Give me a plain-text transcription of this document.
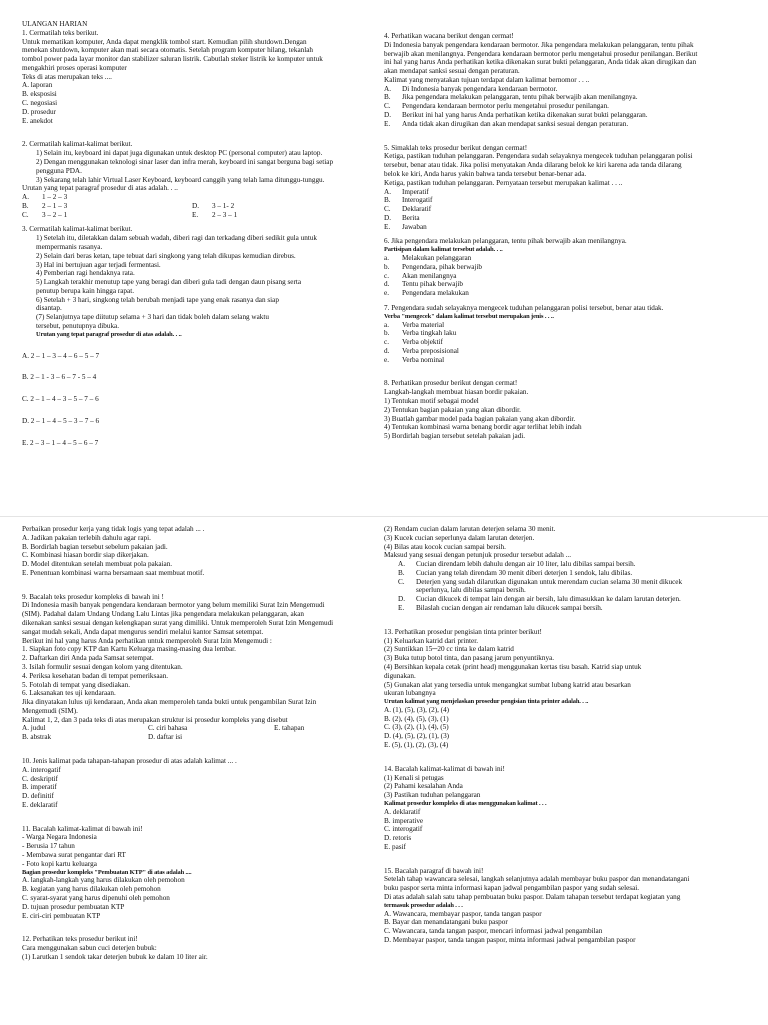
ULANGAN HARIAN
1. Cermatilah teks berikut.
Untuk mematikan komputer, Anda dapat mengklik tombol start. Kemudian pilih shutdown.Dengan
menekan shutdown, komputer akan mati secara otomatis. Setelah program komputer hilang, tekanlah
tombol power pada layar monitor dan stabilizer saluran listrik. Cabutlah steker listrik ke komputer untuk
mengakhiri proses operasi komputer
Teks di atas merupakan teks ....
A. laporan
B. eksposisi
C. negosiasi
D. prosedur
E. anekdot
2. Cermatilah kalimat-kalimat berikut.
1) Selain itu, keyboard ini dapat juga digunakan untuk desktop PC (personal computer) atau laptop.
2) Dengan menggunakan teknologi sinar laser dan infra merah, keyboard ini sangat berguna bagi setiap
pengguna PDA.
3) Sekarang telah lahir Virtual Laser Keyboard, keyboard canggih yang telah lama ditunggu-tunggu.
Urutan yang tepat paragraf prosedur di atas adalah. . ..
A.	1 – 2 – 3
B.	2 – 1 – 3	D.	3 – 1- 2
C.	3 – 2 – 1	E.	2 – 3 – 1
3. Cermatilah kalimat-kalimat berikut.
1) Setelah itu, diletakkan dalam sebuah wadah, diberi ragi dan terkadang diberi sedikit gula untuk
mempermanis rasanya.
2) Selain dari beras ketan, tape tebuat dari singkong yang telah dikupas kemudian direbus.
3) Hal ini bertujuan agar terjadi fermentasi.
4) Pemberian ragi hendaknya rata.
5) Langkah terakhir menutup tape yang beragi dan diberi gula tadi dengan daun pisang serta
penutup berupa kain hingga rapat.
6) Setelah + 3 hari, singkong telah berubah menjadi tape yang enak rasanya dan siap
disantap.
(7) Selanjutnya tape diitutup selama + 3 hari dan tidak boleh dalam selang waktu
tersebut, penutupnya dibuka.
Urutan yang tepat paragraf prosedur di atas adalah. . ..
A. 2 – 1 – 3 – 4 – 6 – 5 – 7
B. 2 – 1 - 3 – 6 – 7 - 5 – 4
C. 2 – 1 – 4 – 3 – 5 – 7 – 6
D. 2 – 1 – 4 – 5 – 3 – 7 – 6
E. 2 – 3 – 1 – 4 – 5 – 6 – 7
4. Perhatikan wacana berikut dengan cermat!
Di Indonesia banyak pengendara kendaraan bermotor. Jika pengendara melakukan pelanggaran, tentu pihak
berwajib akan menilangnya. Pengendara kendaraan bermotor perlu mengetahui prosedur penilangan. Berikut
ini hal yang harus Anda perhatikan ketika dikenakan surat bukti pelanggaran, Anda tidak akan dirugikan dan
akan mendapat sanksi sesuai dengan peraturan.
Kalimat yang menyatakan tujuan terdapat dalam kalimat bernomor . . ..
A.	Di Indonesia banyak pengendara kendaraan bermotor.
B.	Jika pengendara melakukan pelanggaran, tentu pihak berwajib akan menilangnya.
C.	Pengendara kendaraan bermotor perlu mengetahui prosedur penilangan.
D.	Berikut ini hal yang harus Anda perhatikan ketika dikenakan surat bukti pelanggaran.
E.	Anda tidak akan dirugikan dan akan mendapat sanksi sesuai dengan peraturan.
5. Simaklah teks prosedur berikut dengan cermat!
Ketiga, pastikan tuduhan pelanggaran. Pengendara sudah selayaknya mengecek tuduhan pelanggaran polisi
tersebut, benar atau tidak. Jika polisi menyatakan Anda dilarang belok ke kiri karena ada tanda dilarang
belok ke kiri, Anda harus yakin bahwa tanda tersebut benar-benar ada.
Ketiga, pastikan tuduhan pelanggaran. Pernyataan tersebut merupakan kalimat . . ..
A.	Imperatif
B.	Interogatif
C.	Deklaratif
D.	Berita
E.	Jawaban
6. Jika pengendara melakukan pelanggaran, tentu pihak berwajib akan menilangnya.
Partisipan dalam kalimat tersebut adalah. . ..
a.	Melakukan pelanggaran
b.	Pengendara, pihak berwajib
c.	Akan menilangnya
d.	Tentu pihak berwajib
e.	Pengendara melakukan
7. Pengendara sudah selayaknya mengecek tuduhan pelanggaran polisi tersebut, benar atau tidak.
Verba "mengecek" dalam kalimat tersebut merupakan jenis . . ..
a.	Verba material
b.	Verba tingkah laku
c.	Verba objektif
d.	Verba preposisional
e.	Verba nominal
8. Perhatikan prosedur berikut dengan cermat!
Langkah-langkah membuat hiasan bordir pakaian.
1) Tentukan motif sebagai model
2) Tentukan bagian pakaian yang akan dibordir.
3) Buatlah gambar model pada bagian pakaian yang akan dibordir.
4) Tentukan kombinasi warna benang bordir agar terlihat lebih indah
5) Bordirlah bagian tersebut setelah pakaian jadi.
Perbaikan prosedur kerja yang tidak logis yang tepat adalah ... .
A. Jadikan pakaian terlebih dahulu agar rapi.
B. Bordirlah bagian tersebut sebelum pakaian jadi.
C. Kombinasi hiasan bordir siap dikerjakan.
D. Model ditentukan setelah membuat pola pakaian.
E. Penentuan kombinasi warna bersamaan saat membuat motif.
9. Bacalah teks prosedur kompleks di bawah ini !
Di Indonesia masih banyak pengendara kendaraan bermotor yang belum memiliki Surat Izin Mengemudi
(SIM). Padahal dalam Undang Undang Lalu Lintas jika pengendara melakukan pelanggaran, akan
dikenakan sanksi sesuai dengan kelengkapan surat yang dimiliki. Untuk memperoleh Surat Izin Mengemudi
sangat mudah sekali, Anda dapat mengurus sendiri melalui kantor Samsat setempat.
Berikut ini hal yang harus Anda perhatikan untuk memperoleh Surat Izin Mengemudi :
1. Siapkan foto copy KTP dan Kartu Keluarga masing-masing dua lembar.
2. Daftarkan diri Anda pada Samsat setempat.
3. Isilah formulir sesuai dengan kolom yang ditentukan.
4. Periksa kesehatan badan di tempat pemeriksaan.
5. Fotolah di tempat yang disediakan.
6. Laksanakan tes uji kendaraan.
Jika dinyatakan lulus uji kendaraan, Anda akan memperoleh tanda bukti untuk pengambilan Surat Izin
Mengemudi (SIM).
Kalimat 1, 2, dan 3 pada teks di atas merupakan struktur isi prosedur kompleks yang disebut
A. judul	C. ciri bahasa	E. tahapan
B. abstrak	D. daftar isi
10. Jenis kalimat pada tahapan-tahapan prosedur di atas adalah kalimat ... .
A. interogatif
C. deskriptif
B. imperatif
D. definitif
E. deklaratif
11. Bacalah kalimat-kalimat di bawah ini!
- Warga Negara Indonesia
- Berusia 17 tahun
- Membawa surat pengantar dari RT
- Foto kopi kartu keluarga
Bagian prosedur kompleks "Pembuatan KTP" di atas adalah ....
A. langkah-langkah yang harus dilakukan oleh pemohon
B. kegiatan yang harus dilakukan oleh pemohon
C. syarat-syarat yang harus dipenuhi oleh pemohon
D. tujuan prosedur pembuatan KTP
E. ciri-ciri pembuatan KTP
12. Perhatikan teks prosedur berikut ini!
Cara menggunakan sabun cuci deterjen bubuk:
(1) Larutkan 1 sendok takar deterjen bubuk ke dalam 10 liter air.
(2) Rendam cucian dalam larutan deterjen selama 30 menit.
(3) Kucek cucian seperlunya dalam larutan deterjen.
(4) Bilas atau kocok cucian sampai bersih.
Maksud yang sesuai dengan petunjuk prosedur tersebut adalah ...
A.	Cucian direndam lebih dahulu dengan air 10 liter, lalu dibilas sampai bersih.
B.	Cucian yang telah direndam 30 menit diberi deterjen 1 sendok, lalu dibilas.
C.	Deterjen yang sudah dilarutkan digunakan untuk merendam cucian selama 30 menit dikucek
seperlunya, lalu dibilas sampai bersih.
D.	Cucian dikucek di tempat lain dengan air bersih, lalu dimasukkan ke dalam larutan deterjen.
E.	Bilaslah cucian dengan air rendaman lalu dikucek sampai bersih.
13. Perhatikan prosedur pengisian tinta printer berikut!
(1) Keluarkan katrid dari printer.
(2) Suntikkan 15─20 cc tinta ke dalam katrid
(3) Buka tutup botol tinta, dan pasang jarum penyuntiknya.
(4) Bersihkan kepala cetak (print head) menggunakan kertas tisu basah. Katrid siap untuk
digunakan.
(5) Gunakan alat yang tersedia untuk mengangkat sumbat lubang katrid atau besarkan
ukuran lubangnya
Urutan kalimat yang menjelaskan prosedur pengisian tinta printer adalah. . ..
A. (1), (5), (3), (2), (4)
B. (2), (4), (5), (3), (1)
C. (3), (2), (1), (4), (5)
D. (4), (5), (2), (1), (3)
E. (5), (1), (2), (3), (4)
14. Bacalah kalimat-kalimat di bawah ini!
(1) Kenali si petugas
(2) Pahami kesalahan Anda
(3) Pastikan tuduhan pelanggaran
Kalimat prosedur kompleks di atas menggunakan kalimat . . .
A. deklaratif
B. imperative
C. interogatif
D. retoris
E. pasif
15. Bacalah paragraf di bawah ini!
Setelah tahap wawancara selesai, langkah selanjutnya adalah membayar buku paspor dan menandatangani
buku paspor serta minta informasi kapan jadwal pengambilan paspor yang sudah selesai.
Di atas adalah salah satu tahap pembuatan buku paspor. Dalam tahapan tersebut terdapat kegiatan yang
termasuk prosedur adalah . . .
A. Wawancara, membayar paspor, tanda tangan paspor
B. Bayar dan menandatangani buku paspor
C. Wawancara, tanda tangan paspor, mencari informasi jadwal pengambilan
D. Membayar paspor, tanda tangan paspor, minta informasi jadwal pengambilan paspor
